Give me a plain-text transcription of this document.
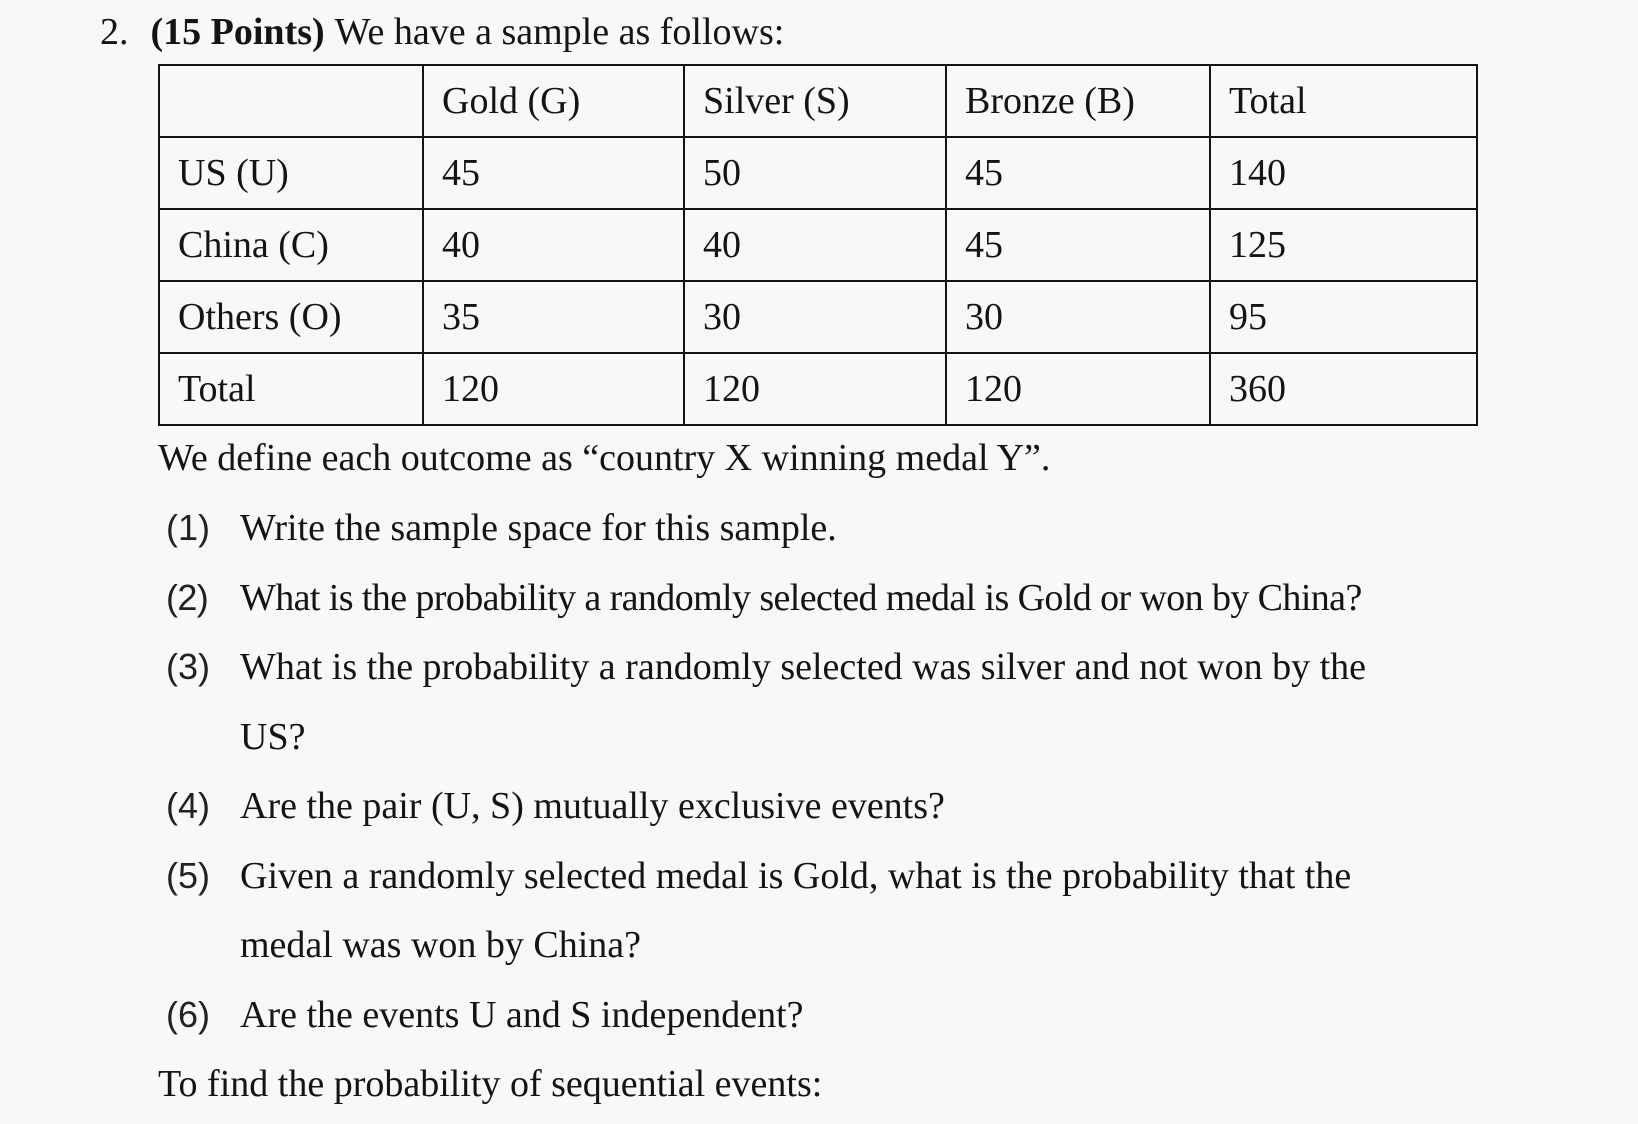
2. (15 Points) We have a sample as follows:
	Gold (G)	Silver (S)	Bronze (B)	Total
US (U)	45	50	45	140
China (C)	40	40	45	125
Others (O)	35	30	30	95
Total	120	120	120	360
We define each outcome as “country X winning medal Y”.
(1) Write the sample space for this sample.
(2) What is the probability a randomly selected medal is Gold or won by China?
(3) What is the probability a randomly selected was silver and not won by the
US?
(4) Are the pair (U, S) mutually exclusive events?
(5) Given a randomly selected medal is Gold, what is the probability that the
medal was won by China?
(6) Are the events U and S independent?
To find the probability of sequential events:
